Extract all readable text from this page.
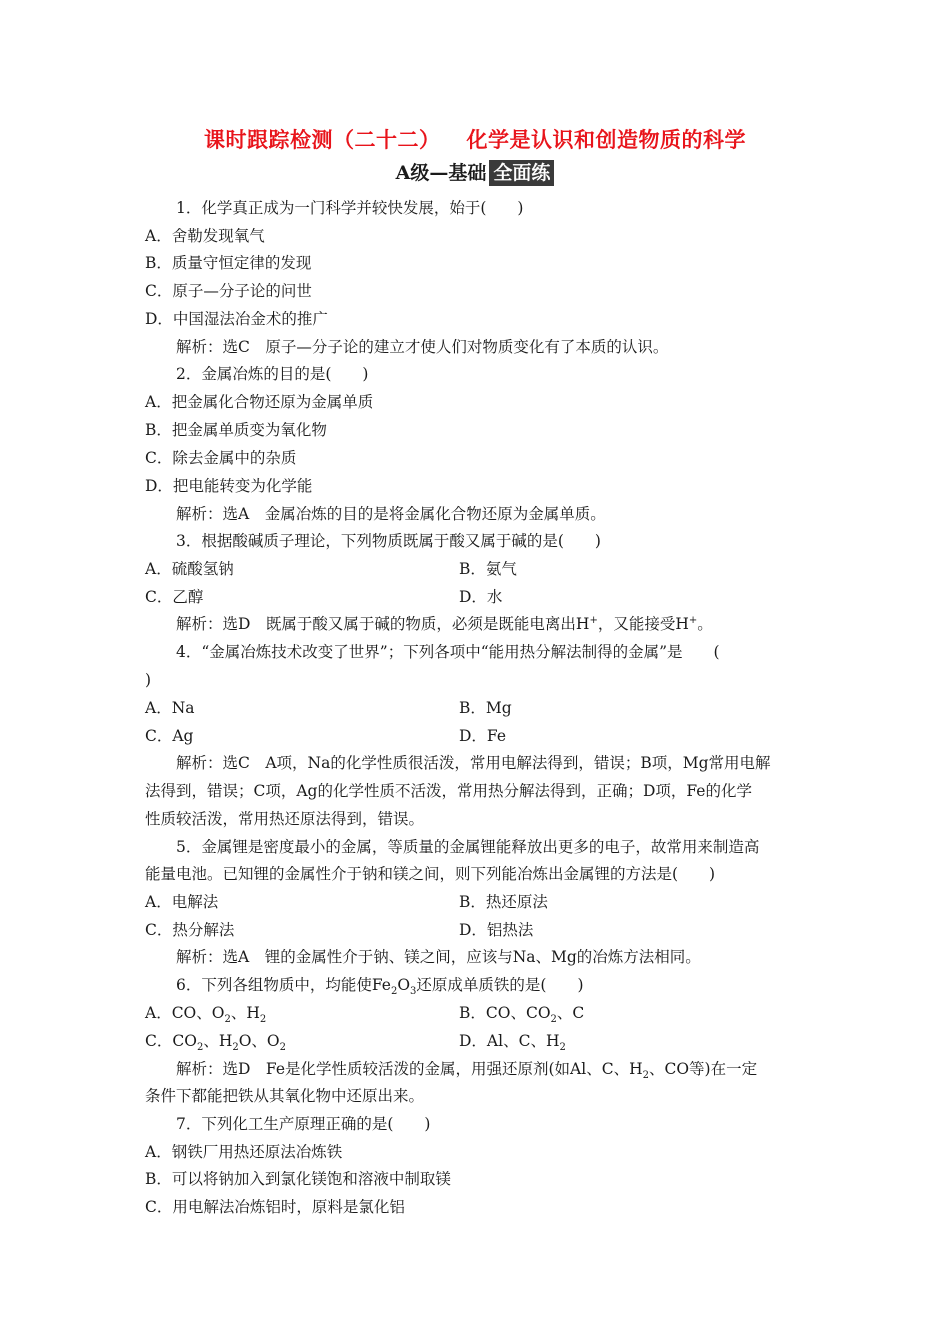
课时跟踪检测（二十二） 化学是认识和创造物质的科学
A级—基础 全面练
1．化学真正成为一门科学并较快发展，始于(　　)
A．舍勒发现氧气
B．质量守恒定律的发现
C．原子—分子论的问世
D．中国湿法冶金术的推广
解析：选C　原子—分子论的建立才使人们对物质变化有了本质的认识。
2．金属冶炼的目的是(　　)
A．把金属化合物还原为金属单质
B．把金属单质变为氧化物
C．除去金属中的杂质
D．把电能转变为化学能
解析：选A　金属冶炼的目的是将金属化合物还原为金属单质。
3．根据酸碱质子理论，下列物质既属于酸又属于碱的是(　　)
A．硫酸氢钠	B．氨气
C．乙醇	D．水
解析：选D　既属于酸又属于碱的物质，必须是既能电离出H+，又能接受H+。
4．“金属冶炼技术改变了世界”；下列各项中“能用热分解法制得的金属”是　　(
)
A．Na	B．Mg
C．Ag	D．Fe
解析：选C　A项，Na的化学性质很活泼，常用电解法得到，错误；B项，Mg常用电解
法得到，错误；C项，Ag的化学性质不活泼，常用热分解法得到，正确；D项，Fe的化学
性质较活泼，常用热还原法得到，错误。
5．金属锂是密度最小的金属，等质量的金属锂能释放出更多的电子，故常用来制造高
能量电池。已知锂的金属性介于钠和镁之间，则下列能冶炼出金属锂的方法是(　　)
A．电解法	B．热还原法
C．热分解法	D．铝热法
解析：选A　锂的金属性介于钠、镁之间，应该与Na、Mg的冶炼方法相同。
6．下列各组物质中，均能使$Fe_2O_3$还原成单质铁的是(　　)
A．CO、$O_2$、$H_2$	B．CO、$CO_2$、C
C．$CO_2$、$H_2O$、$O_2$	D．Al、C、$H_2$
解析：选D　Fe是化学性质较活泼的金属，用强还原剂(如Al、C、$H_2$、CO等)在一定
条件下都能把铁从其氧化物中还原出来。
7．下列化工生产原理正确的是(　　)
A．钢铁厂用热还原法冶炼铁
B．可以将钠加入到氯化镁饱和溶液中制取镁
C．用电解法冶炼铝时，原料是氯化铝
